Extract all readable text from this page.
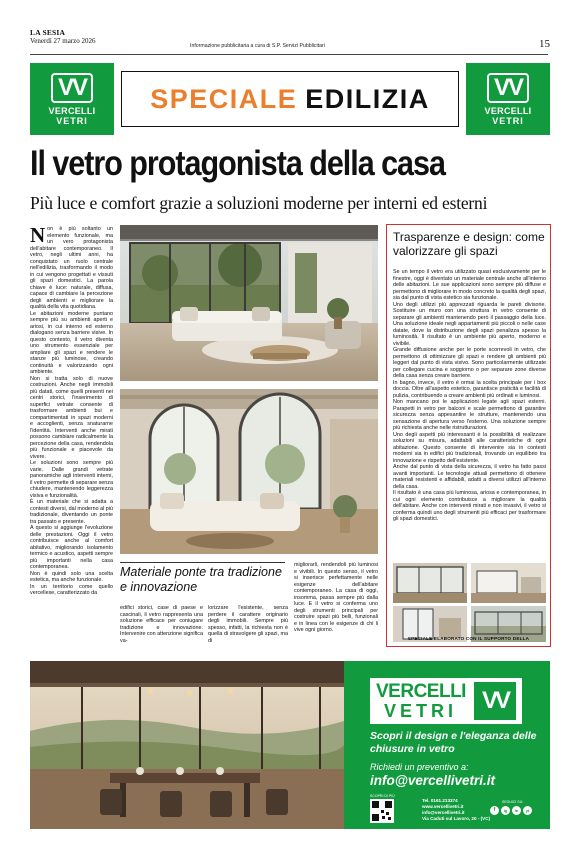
LA SESIA
Venerdì 27 marzo 2026
Informazione pubblicitaria a cura di S.P. Servizi Pubblicitari	15
VV
VERCELLI
VETRI
SPECIALE EDILIZIA	VV
VERCELLI
VETRI
Il vetro protagonista della casa
Più luce e comfort grazie a soluzioni moderne per interni ed esterni
N on è più soltanto un elemento funzionale, ma un vero protagonista dell'abitare contemporaneo. Il vetro, negli ultimi anni, ha conquistato un ruolo centrale nell'edilizia, trasformando il modo in cui vengono progettati e vissuti gli spazi domestici. La parola chiave è luce: naturale, diffusa, capace di cambiare la percezione degli ambienti e migliorare la qualità della vita quotidiana.

Le abitazioni moderne puntano sempre più su ambienti aperti e ariosi, in cui interno ed esterno dialogano senza barriere visive. In questo contesto, il vetro diventa uno strumento essenziale per ampliare gli spazi e rendere le stanze più luminose, creando continuità e valorizzando ogni ambiente.

Non si tratta solo di nuove costruzioni. Anche negli immobili più datati, come quelli presenti nei centri storici, l'inserimento di superfici vetrate consente di trasformare ambienti bui e compartimentati in spazi moderni e accoglienti, senza snaturarne l'identità. Interventi anche mirati possono cambiare radicalmente la percezione della casa, rendendola più funzionale e piacevole da vivere.

Le soluzioni sono sempre più varie. Dalle grandi vetrate panoramiche agli interventi interni, il vetro permette di separare senza chiudere, mantenendo leggerezza visiva e funzionalità.

È un materiale che si adatta a contesti diversi, dal moderno al più tradizionale, diventando un ponte tra passato e presente.

A questo si aggiunge l'evoluzione delle prestazioni. Oggi il vetro contribuisce anche al comfort abitativo, migliorando isolamento termico e acustico, aspetti sempre più importanti nella casa contemporanea.

Non è quindi solo una scelta estetica, ma anche funzionale.

In un territorio come quello vercellese, caratterizzato da

Materiale ponte tra tradizione e innovazione
edifici storici, case di paese e cascinali, il vetro rappresenta una soluzione efficace per coniugare tradizione e innovazione. Intervenire con attenzione significa va-
lorizzare l'esistente, senza perdere il carattere originario degli immobili. Sempre più spesso, infatti, la richiesta non è quella di stravolgere gli spazi, ma di
migliorarli, rendendoli più luminosi e vivibili. In questo senso, il vetro si inserisce perfettamente nelle esigenze dell'abitare contemporaneo. La casa di oggi, insomma, passa sempre più dalla luce. E il vetro si conferma uno degli strumenti principali per costruire spazi più belli, funzionali e in linea con le esigenze di chi li vive ogni giorno.
Trasparenze e design: come valorizzare gli spazi

Se un tempo il vetro era utilizzato quasi esclusivamente per le finestre, oggi è diventato un materiale centrale anche all'interno delle abitazioni. Le sue applicazioni sono sempre più diffuse e permettono di migliorare in modo concreto la qualità degli spazi, sia dal punto di vista estetico sia funzionale.

Uno degli utilizzi più apprezzati riguarda le pareti divisorie. Sostituire un muro con una struttura in vetro consente di separare gli ambienti mantenendo però il passaggio della luce. Una soluzione ideale negli appartamenti più piccoli o nelle case datate, dove la distribuzione degli spazi penalizza spesso la luminosità. Il risultato è un ambiente più aperto, moderno e vivibile.

Grande diffusione anche per le porte scorrevoli in vetro, che permettono di ottimizzare gli spazi e rendere gli ambienti più leggeri dal punto di vista visivo. Sono particolarmente utilizzate per collegare cucina e soggiorno o per separare zone diverse della casa senza creare barriere.

In bagno, invece, il vetro è ormai la scelta principale per i box doccia. Oltre all'aspetto estetico, garantisce praticità e facilità di pulizia, contribuendo a creare ambienti più ordinati e luminosi.

Non mancano poi le applicazioni legate agli spazi esterni. Parapetti in vetro per balconi e scale permettono di garantire sicurezza senza appesantire le strutture, mantenendo una sensazione di apertura verso l'esterno. Una soluzione sempre più richiesta anche nelle ristrutturazioni.

Uno degli aspetti più interessanti è la possibilità di realizzare soluzioni su misura, adattabili alle caratteristiche di ogni abitazione. Questo consente di intervenire sia in contesti moderni sia in edifici più tradizionali, trovando un equilibrio tra innovazione e rispetto dell'esistente.

Anche dal punto di vista della sicurezza, il vetro ha fatto passi avanti importanti. Le tecnologie attuali permettono di ottenere materiali resistenti e affidabili, adatti a diversi utilizzi all'interno della casa.

Il risultato è una casa più luminosa, ariosa e contemporanea, in cui ogni elemento contribuisce a migliorare la qualità dell'abitare. Anche con interventi mirati e non invasivi, il vetro si conferma quindi uno degli strumenti più efficaci per trasformare gli spazi domestici.

SPECIALE ELABORATO CON IL SUPPORTO DELLA
VERCELLI
VETRI	VV
Scopri il design e l'eleganza delle chiusure in vetro
Richiedi un preventivo a:
info@vercellivetri.it
SCOPRI DI PIÙ
Tel. 0161.213374
www.vercellivetri.it
info@vercellivetri.it
Via Caduti sul Lavoro, 20 - (VC)
SEGUICI SU:
f	ig	in	yt
